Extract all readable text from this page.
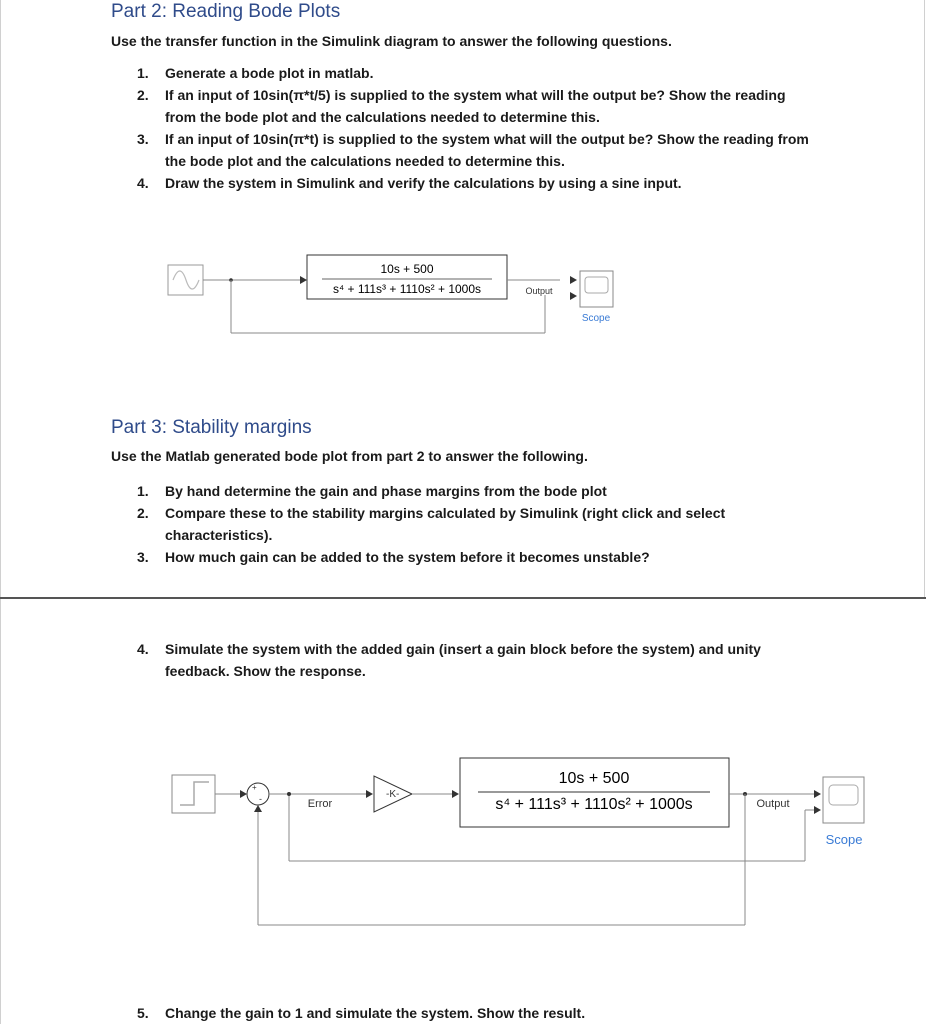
Part 2: Reading Bode Plots
Use the transfer function in the Simulink diagram to answer the following questions.
1. Generate a bode plot in matlab.
2. If an input of 10sin(π*t/5) is supplied to the system what will the output be? Show the reading from the bode plot and the calculations needed to determine this.
3. If an input of 10sin(π*t) is supplied to the system what will the output be? Show the reading from the bode plot and the calculations needed to determine this.
4. Draw the system in Simulink and verify the calculations by using a sine input.
10s + 500
s⁴ + 111s³ + 1110s² + 1000s	Output
Scope
Part 3: Stability margins
Use the Matlab generated bode plot from part 2 to answer the following.
1. By hand determine the gain and phase margins from the bode plot
2. Compare these to the stability margins calculated by Simulink (right click and select characteristics).
3. How much gain can be added to the system before it becomes unstable?
4. Simulate the system with the added gain (insert a gain block before the system) and unity feedback. Show the response.
+
-	Error
-K-
10s + 500
s⁴ + 111s³ + 1110s² + 1000s	Output
Scope
5. Change the gain to 1 and simulate the system. Show the result.
